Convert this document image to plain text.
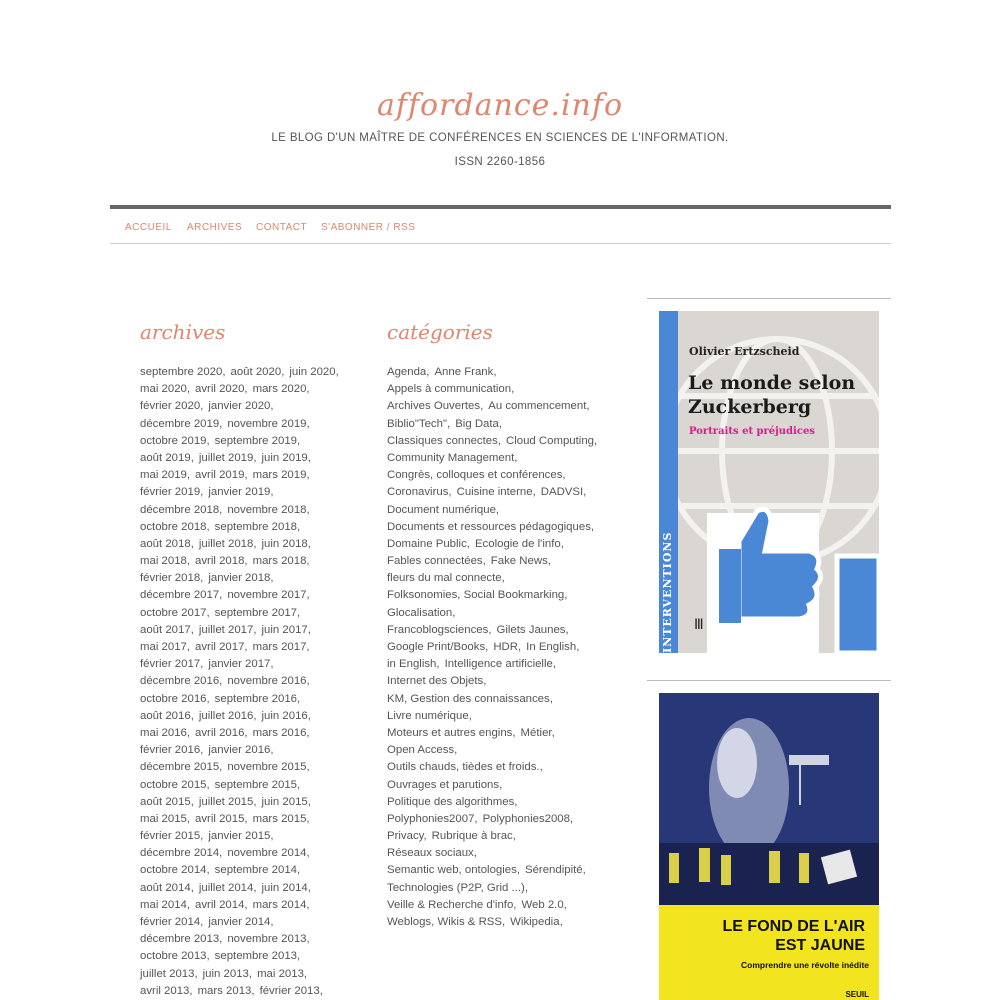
affordance.info
LE BLOG D'UN MAÎTRE DE CONFÉRENCES EN SCIENCES DE L'INFORMATION.
ISSN 2260-1856
ACCUEIL ARCHIVES CONTACT S'ABONNER / RSS
archives
septembre 2020, août 2020, juin 2020,
mai 2020, avril 2020, mars 2020,
février 2020, janvier 2020,
décembre 2019, novembre 2019,
octobre 2019, septembre 2019,
août 2019, juillet 2019, juin 2019,
mai 2019, avril 2019, mars 2019,
février 2019, janvier 2019,
décembre 2018, novembre 2018,
octobre 2018, septembre 2018,
août 2018, juillet 2018, juin 2018,
mai 2018, avril 2018, mars 2018,
février 2018, janvier 2018,
décembre 2017, novembre 2017,
octobre 2017, septembre 2017,
août 2017, juillet 2017, juin 2017,
mai 2017, avril 2017, mars 2017,
février 2017, janvier 2017,
décembre 2016, novembre 2016,
octobre 2016, septembre 2016,
août 2016, juillet 2016, juin 2016,
mai 2016, avril 2016, mars 2016,
février 2016, janvier 2016,
décembre 2015, novembre 2015,
octobre 2015, septembre 2015,
août 2015, juillet 2015, juin 2015,
mai 2015, avril 2015, mars 2015,
février 2015, janvier 2015,
décembre 2014, novembre 2014,
octobre 2014, septembre 2014,
août 2014, juillet 2014, juin 2014,
mai 2014, avril 2014, mars 2014,
février 2014, janvier 2014,
décembre 2013, novembre 2013,
octobre 2013, septembre 2013,
juillet 2013, juin 2013, mai 2013,
avril 2013, mars 2013, février 2013,
catégories
Agenda, Anne Frank,
Appels à communication,
Archives Ouvertes, Au commencement,
Biblio"Tech", Big Data,
Classiques connectes, Cloud Computing,
Community Management,
Congrès, colloques et conférences,
Coronavirus, Cuisine interne, DADVSI,
Document numérique,
Documents et ressources pédagogiques,
Domaine Public, Ecologie de l'info,
Fables connectées, Fake News,
fleurs du mal connecte,
Folksonomies, Social Bookmarking,
Glocalisation,
Francoblogsciences, Gilets Jaunes,
Google Print/Books, HDR, In English,
in English, Intelligence artificielle,
Internet des Objets,
KM, Gestion des connaissances,
Livre numérique,
Moteurs et autres engins, Métier,
Open Access,
Outils chauds, tièdes et froids.,
Ouvrages et parutions,
Politique des algorithmes,
Polyphonies2007, Polyphonies2008,
Privacy, Rubrique à brac,
Réseaux sociaux,
Semantic web, ontologies, Sérendipité,
Technologies (P2P, Grid ...),
Veille & Recherche d'info, Web 2.0,
Weblogs, Wikis & RSS, Wikipedia,
Ⅲ
INTERVENTIONS
Olivier Ertzscheid
Le monde selon
Zuckerberg
Portraits et préjudices
LE FOND DE L'AIR
EST JAUNE
Comprendre une révolte inédite
SEUIL
